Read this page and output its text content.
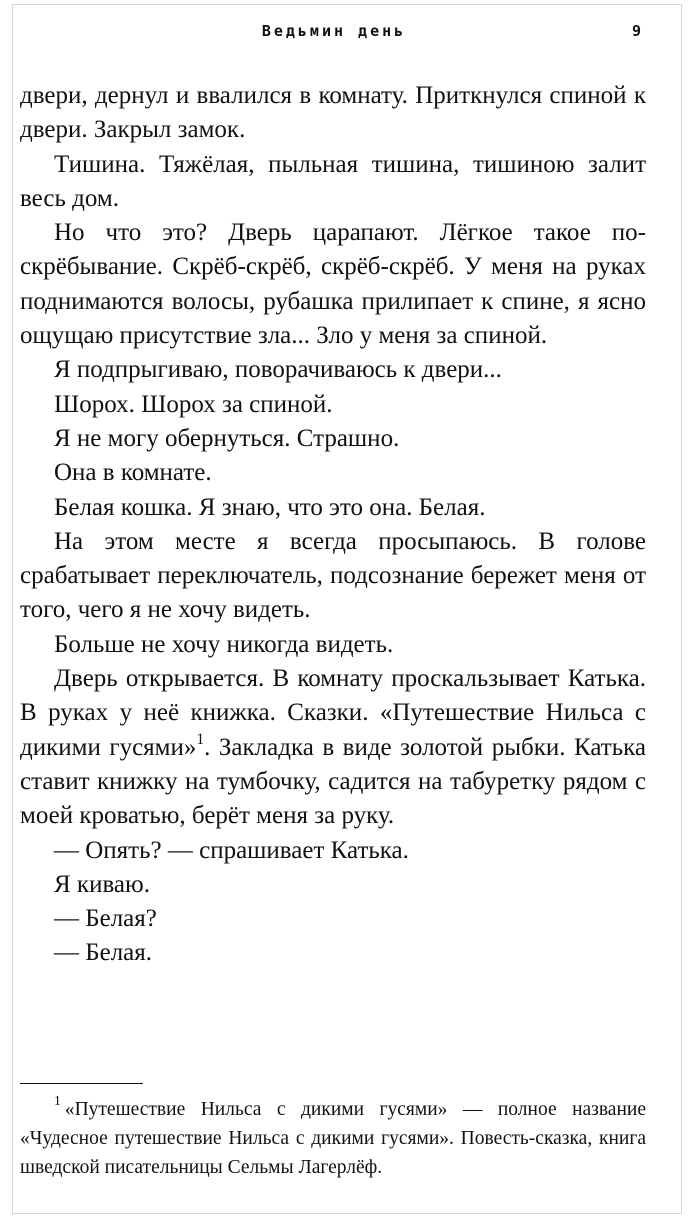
Ведьмин день	9

двери, дернул и ввалился в комнату. Приткнулся спиной к двери. Закрыл замок.

Тишина. Тяжёлая, пыльная тишина, тишиною залит весь дом.

Но что это? Дверь царапают. Лёгкое такое поскрёбывание. Скрёб-скрёб, скрёб-скрёб. У меня на руках поднимаются волосы, рубашка прилипает к спине, я ясно ощущаю присутствие зла... Зло у меня за спиной.

Я подпрыгиваю, поворачиваюсь к двери...

Шорох. Шорох за спиной.

Я не могу обернуться. Страшно.

Она в комнате.

Белая кошка. Я знаю, что это она. Белая.

На этом месте я всегда просыпаюсь. В голове срабатывает переключатель, подсознание бережет меня от того, чего я не хочу видеть.

Больше не хочу никогда видеть.

Дверь открывается. В комнату проскальзывает Катька. В руках у неё книжка. Сказки. «Путешествие Нильса с дикими гусями»$^1$. Закладка в виде золотой рыбки. Катька ставит книжку на тумбочку, садится на табуретку рядом с моей кроватью, берёт меня за руку.

— Опять? — спрашивает Катька.

Я киваю.

— Белая?

— Белая.

$^1$ «Путешествие Нильса с дикими гусями» — полное название «Чудесное путешествие Нильса с дикими гусями». Повесть-сказка, книга шведской писательницы Сельмы Лагерлёф.
